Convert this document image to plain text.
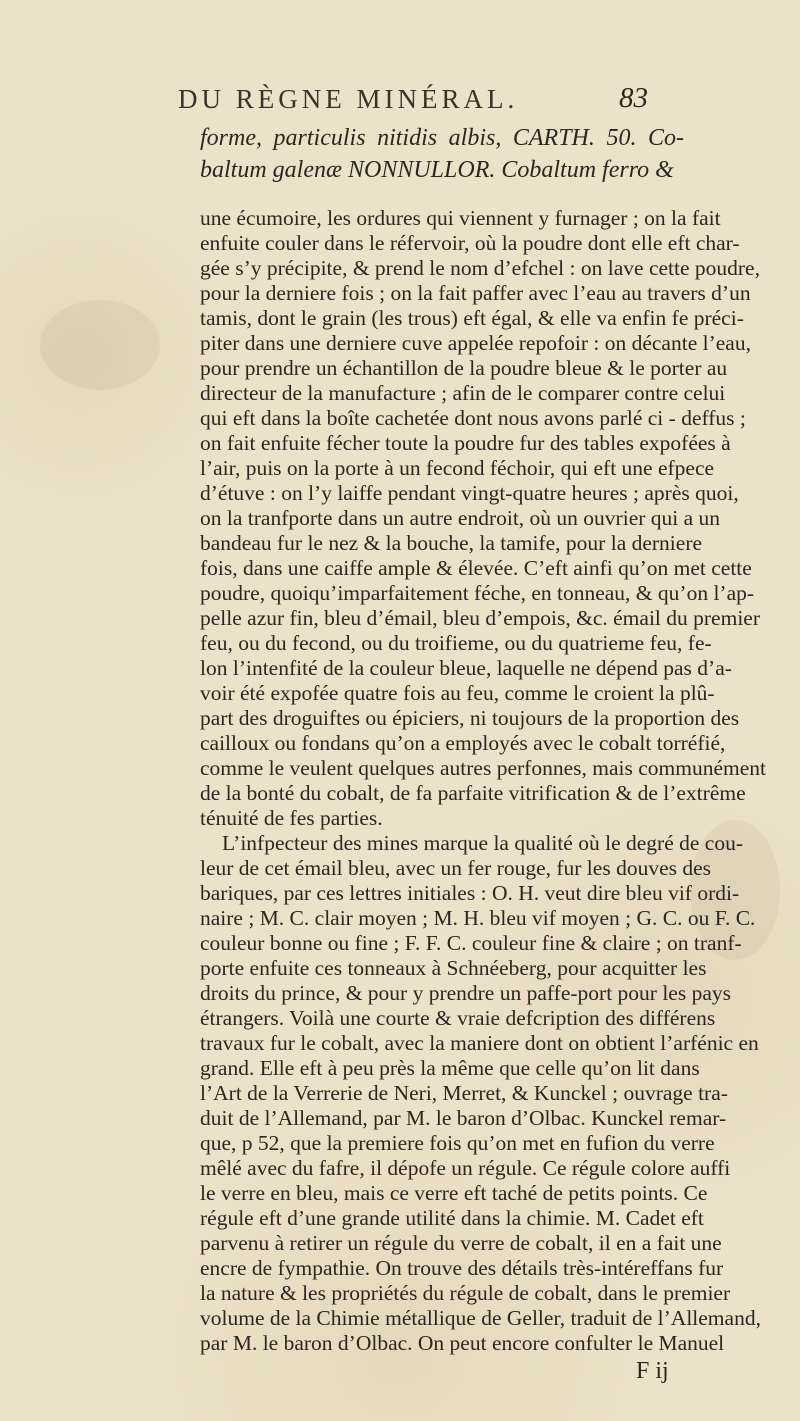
DU RÈGNE MINÉRAL.	83
forme, particulis nitidis albis, CARTH. 50. Co-
baltum galenæ NONNULLOR. Cobaltum ferro &
une écumoire, les ordures qui viennent y furnager ; on la fait
enfuite couler dans le réfervoir, où la poudre dont elle eft char-
gée s’y précipite, & prend le nom d’efchel : on lave cette poudre,
pour la derniere fois ; on la fait paffer avec l’eau au travers d’un
tamis, dont le grain (les trous) eft égal, & elle va enfin fe préci-
piter dans une derniere cuve appelée repofoir : on décante l’eau,
pour prendre un échantillon de la poudre bleue & le porter au
directeur de la manufacture ; afin de le comparer contre celui
qui eft dans la boîte cachetée dont nous avons parlé ci - deffus ;
on fait enfuite fécher toute la poudre fur des tables expofées à
l’air, puis on la porte à un fecond féchoir, qui eft une efpece
d’étuve : on l’y laiffe pendant vingt-quatre heures ; après quoi,
on la tranfporte dans un autre endroit, où un ouvrier qui a un
bandeau fur le nez & la bouche, la tamife, pour la derniere
fois, dans une caiffe ample & élevée. C’eft ainfi qu’on met cette
poudre, quoiqu’imparfaitement féche, en tonneau, & qu’on l’ap-
pelle azur fin, bleu d’émail, bleu d’empois, &c. émail du premier
feu, ou du fecond, ou du troifieme, ou du quatrieme feu, fe-
lon l’intenfité de la couleur bleue, laquelle ne dépend pas d’a-
voir été expofée quatre fois au feu, comme le croient la plû-
part des droguiftes ou épiciers, ni toujours de la proportion des
cailloux ou fondans qu’on a employés avec le cobalt torréfié,
comme le veulent quelques autres perfonnes, mais communément
de la bonté du cobalt, de fa parfaite vitrification & de l’extrême
ténuité de fes parties.
L’infpecteur des mines marque la qualité où le degré de cou-
leur de cet émail bleu, avec un fer rouge, fur les douves des
bariques, par ces lettres initiales : O. H. veut dire bleu vif ordi-
naire ; M. C. clair moyen ; M. H. bleu vif moyen ; G. C. ou F. C.
couleur bonne ou fine ; F. F. C. couleur fine & claire ; on tranf-
porte enfuite ces tonneaux à Schnéeberg, pour acquitter les
droits du prince, & pour y prendre un paffe-port pour les pays
étrangers. Voilà une courte & vraie defcription des différens
travaux fur le cobalt, avec la maniere dont on obtient l’arfénic en
grand. Elle eft à peu près la même que celle qu’on lit dans
l’Art de la Verrerie de Neri, Merret, & Kunckel ; ouvrage tra-
duit de l’Allemand, par M. le baron d’Olbac. Kunckel remar-
que, p 52, que la premiere fois qu’on met en fufion du verre
mêlé avec du fafre, il dépofe un régule. Ce régule colore auffi
le verre en bleu, mais ce verre eft taché de petits points. Ce
régule eft d’une grande utilité dans la chimie. M. Cadet eft
parvenu à retirer un régule du verre de cobalt, il en a fait une
encre de fympathie. On trouve des détails très-intéreffans fur
la nature & les propriétés du régule de cobalt, dans le premier
volume de la Chimie métallique de Geller, traduit de l’Allemand,
par M. le baron d’Olbac. On peut encore confulter le Manuel
F ij
